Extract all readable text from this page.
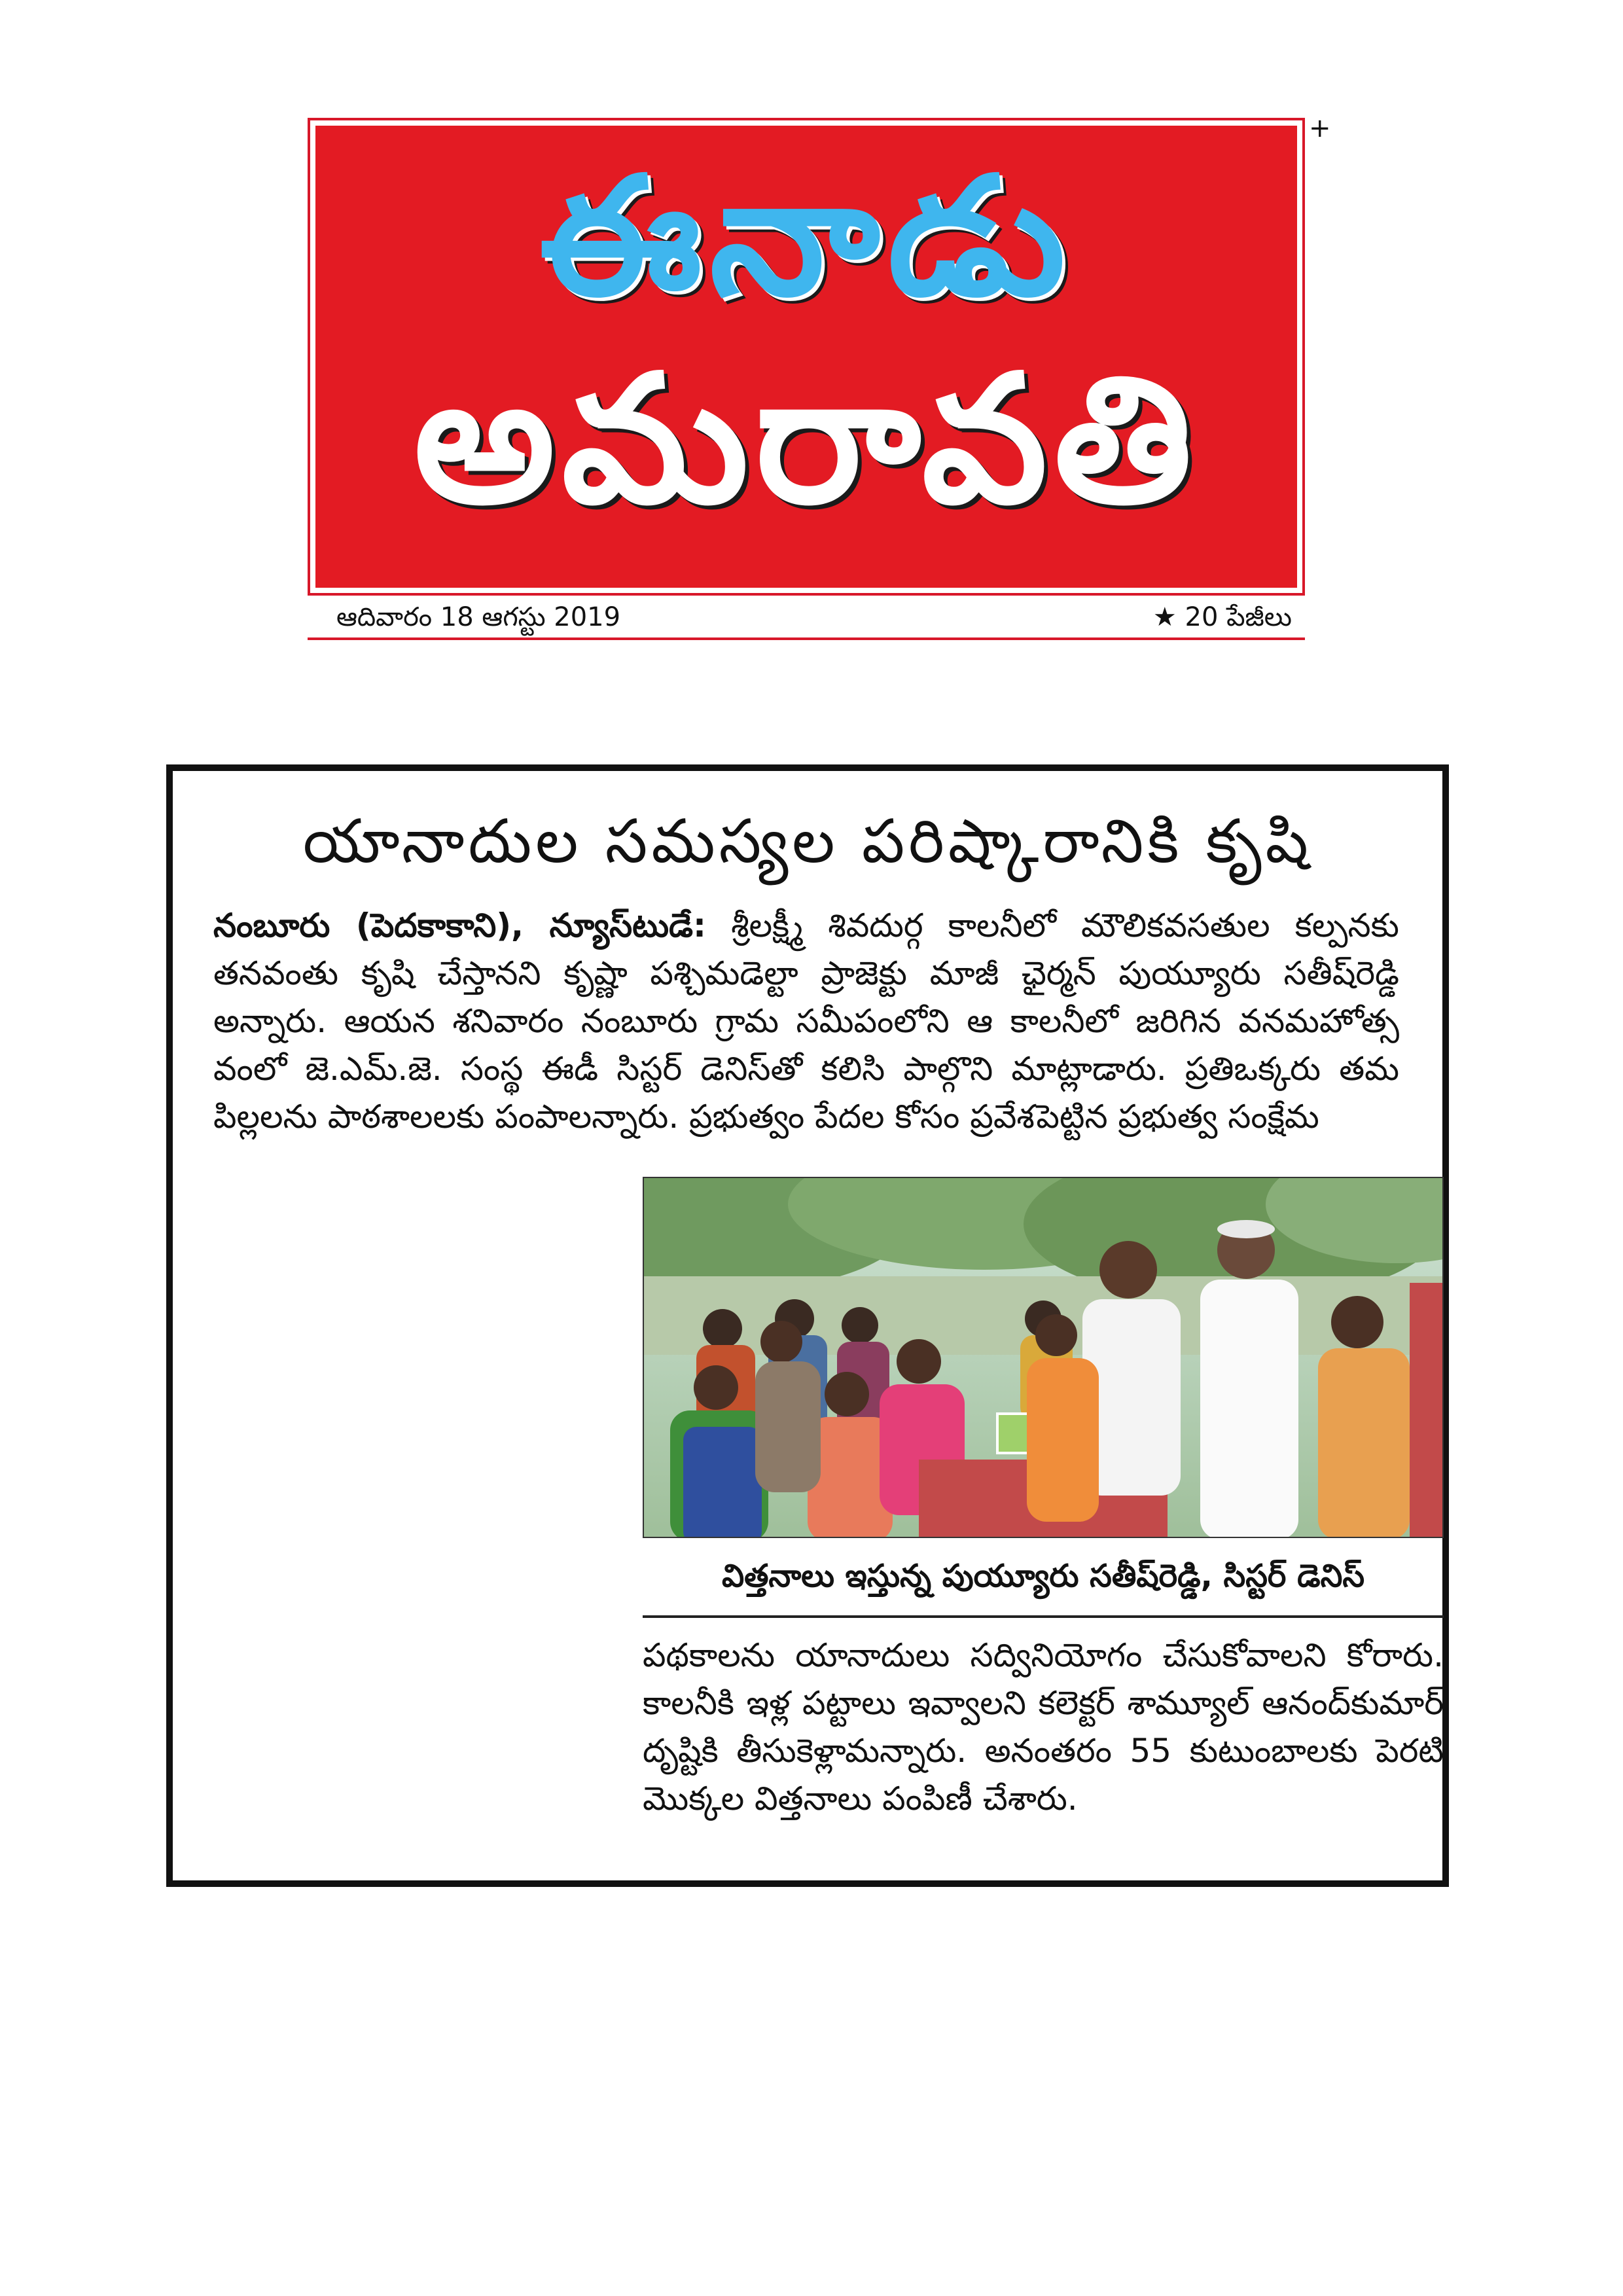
+
ఈనాడు
అమరావతి
ఆదివారం 18 ఆగస్టు 2019	★ 20 పేజీలు
యానాదుల సమస్యల పరిష్కారానికి కృషి
నంబూరు (పెదకాకాని), న్యూస్‌టుడే: శ్రీలక్ష్మీ శివదుర్గ కాలనీలో మౌలికవసతుల కల్పనకు తనవంతు కృషి చేస్తానని కృష్ణా పశ్చిమడెల్టా ప్రాజెక్టు మాజీ ఛైర్మన్ పుయ్యూరు సతీష్‌రెడ్డి అన్నారు. ఆయన శనివారం నంబూరు గ్రామ సమీపంలోని ఆ కాలనీలో జరిగిన వనమహోత్స వంలో జె.ఎమ్.జె. సంస్థ ఈడీ సిస్టర్ డెనిస్‌తో కలిసి పాల్గొని మాట్లాడారు. ప్రతిఒక్కరు తమ పిల్లలను పాఠశాలలకు పంపాలన్నారు. ప్రభుత్వం పేదల కోసం ప్రవేశపెట్టిన ప్రభుత్వ సంక్షేమ
విత్తనాలు ఇస్తున్న పుయ్యూరు సతీష్‌రెడ్డి, సిస్టర్ డెనిస్
పథకాలను యానాదులు సద్వినియోగం చేసుకోవాలని కోరారు. కాలనీకి ఇళ్ల పట్టాలు ఇవ్వాలని కలెక్టర్ శామ్యూల్ ఆనంద్‌కుమార్ దృష్టికి తీసుకెళ్లామన్నారు. అనంతరం 55 కుటుంబాలకు పెరటి మొక్కల విత్తనాలు పంపిణీ చేశారు.
